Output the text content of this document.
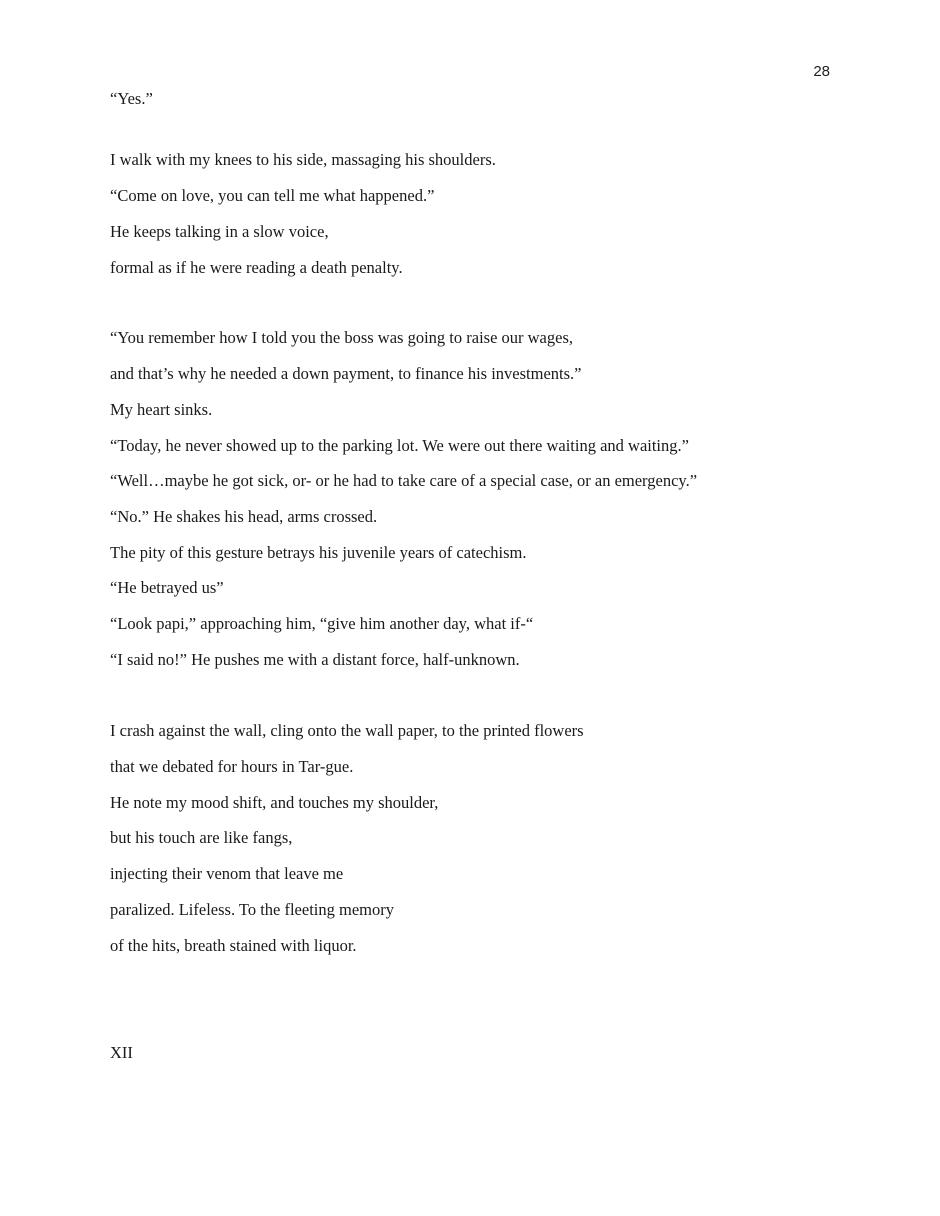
28
“Yes.”
I walk with my knees to his side, massaging his shoulders.
“Come on love, you can tell me what happened.”
He keeps talking in a slow voice,
formal as if he were reading a death penalty.
“You remember how I told you the boss was going to raise our wages,
and that’s why he needed a down payment, to finance his investments.”
My heart sinks.
“Today, he never showed up to the parking lot. We were out there waiting and waiting.”
“Well…maybe he got sick, or- or he had to take care of a special case, or an emergency.”
“No.” He shakes his head, arms crossed.
The pity of this gesture betrays his juvenile years of catechism.
“He betrayed us”
“Look papi,” approaching him, “give him another day, what if-“
“I said no!” He pushes me with a distant force, half-unknown.
I crash against the wall, cling onto the wall paper, to the printed flowers
that we debated for hours in Tar-gue.
He note my mood shift, and touches my shoulder,
but his touch are like fangs,
injecting their venom that leave me
paralized. Lifeless. To the fleeting memory
of the hits, breath stained with liquor.
XII
